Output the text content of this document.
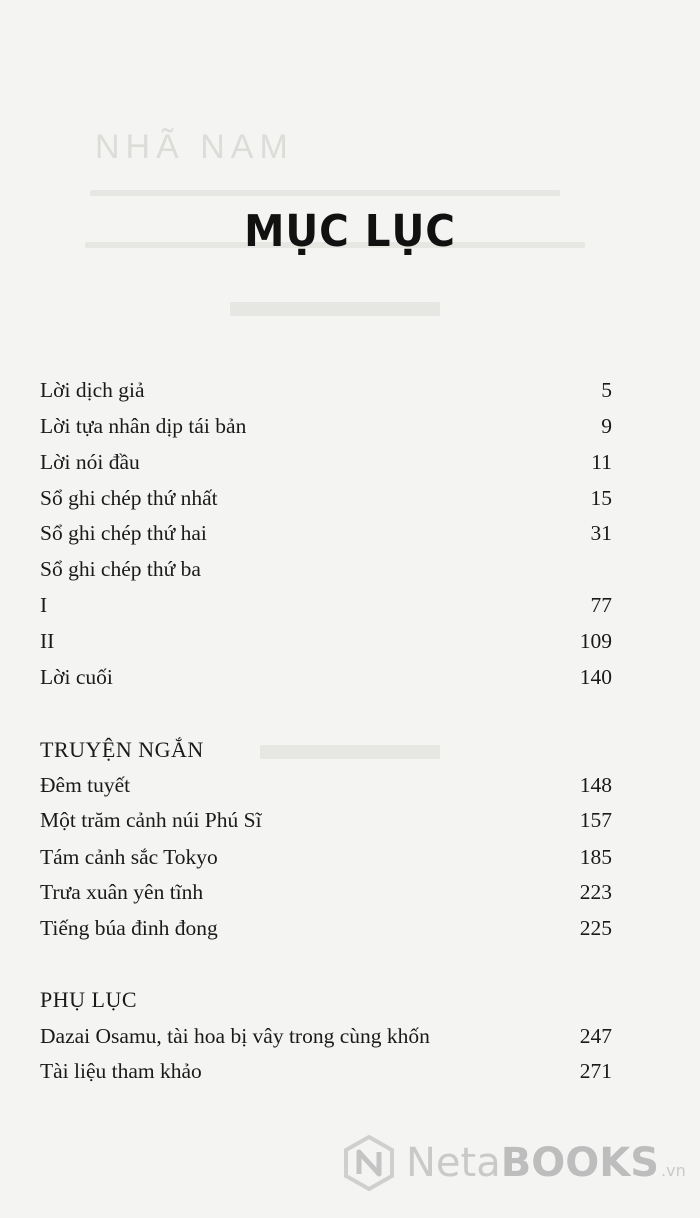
NHÃ NAM
MỤC LỤC
Lời dịch giả	5
Lời tựa nhân dịp tái bản	9
Lời nói đầu	11
Sổ ghi chép thứ nhất	15
Sổ ghi chép thứ hai	31
Sổ ghi chép thứ ba
I	77
II	109
Lời cuối	140
TRUYỆN NGẮN
Đêm tuyết	148
Một trăm cảnh núi Phú Sĩ	157
Tám cảnh sắc Tokyo	185
Trưa xuân yên tĩnh	223
Tiếng búa đinh đong	225
PHỤ LỤC
Dazai Osamu, tài hoa bị vây trong cùng khốn	247
Tài liệu tham khảo	271
NetaBOOKS .vn
